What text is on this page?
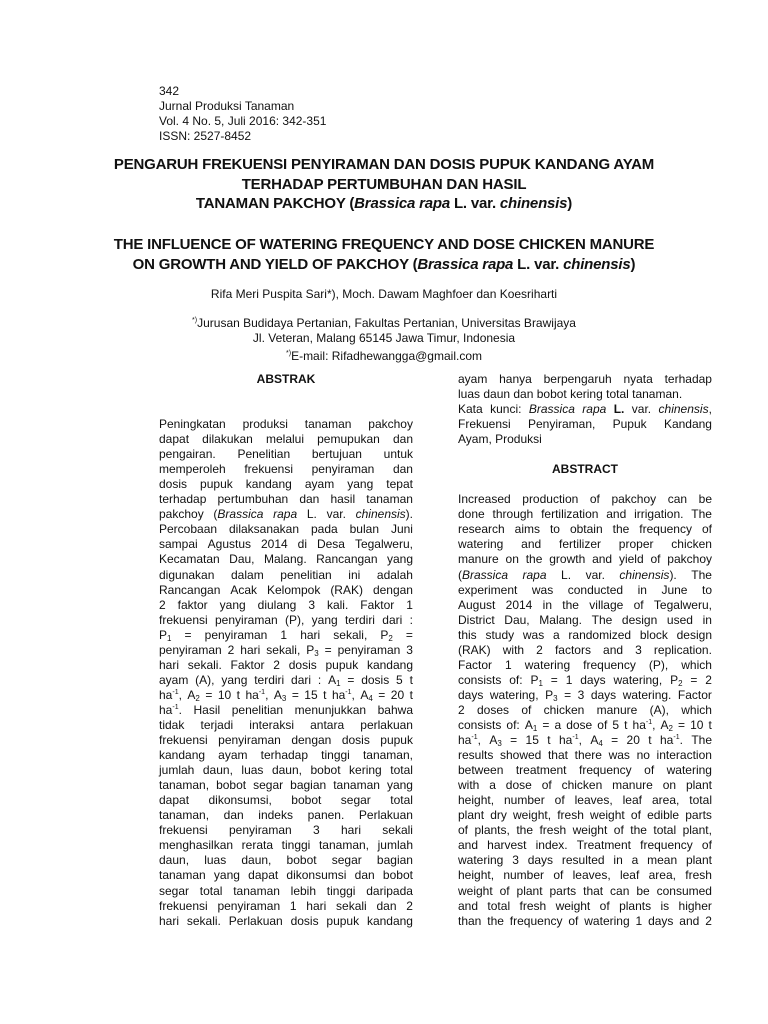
342
Jurnal Produksi Tanaman
Vol. 4 No. 5, Juli 2016: 342-351
ISSN: 2527-8452
PENGARUH FREKUENSI PENYIRAMAN DAN DOSIS PUPUK KANDANG AYAM
TERHADAP PERTUMBUHAN DAN HASIL
TANAMAN PAKCHOY (Brassica rapa L. var. chinensis)
THE INFLUENCE OF WATERING FREQUENCY AND DOSE CHICKEN MANURE
ON GROWTH AND YIELD OF PAKCHOY (Brassica rapa L. var. chinensis)
Rifa Meri Puspita Sari*), Moch. Dawam Maghfoer dan Koesriharti
*)Jurusan Budidaya Pertanian, Fakultas Pertanian, Universitas Brawijaya
Jl. Veteran, Malang 65145 Jawa Timur, Indonesia
*)E-mail: Rifadhewangga@gmail.com
ABSTRAK
Peningkatan produksi tanaman pakchoy
dapat dilakukan melalui pemupukan dan
pengairan. Penelitian bertujuan untuk
memperoleh frekuensi penyiraman dan
dosis pupuk kandang ayam yang tepat
terhadap pertumbuhan dan hasil tanaman
pakchoy (Brassica rapa L. var. chinensis).
Percobaan dilaksanakan pada bulan Juni
sampai Agustus 2014 di Desa Tegalweru,
Kecamatan Dau, Malang. Rancangan yang
digunakan dalam penelitian ini adalah
Rancangan Acak Kelompok (RAK) dengan
2 faktor yang diulang 3 kali. Faktor 1
frekuensi penyiraman (P), yang terdiri dari :
$P_1$ = penyiraman 1 hari sekali, $P_2$ =
penyiraman 2 hari sekali, $P_3$ = penyiraman 3
hari sekali. Faktor 2 dosis pupuk kandang
ayam (A), yang terdiri dari : $A_1$ = dosis 5 t
$ha^{-1}$, $A_2 = 10$ t $ha^{-1}$, $A_3 = 15$ t $ha^{-1}$, $A_4 = 20$ t
$ha^{-1}$. Hasil penelitian menunjukkan bahwa
tidak terjadi interaksi antara perlakuan
frekuensi penyiraman dengan dosis pupuk
kandang ayam terhadap tinggi tanaman,
jumlah daun, luas daun, bobot kering total
tanaman, bobot segar bagian tanaman yang
dapat dikonsumsi, bobot segar total
tanaman, dan indeks panen. Perlakuan
frekuensi penyiraman 3 hari sekali
menghasilkan rerata tinggi tanaman, jumlah
daun, luas daun, bobot segar bagian
tanaman yang dapat dikonsumsi dan bobot
segar total tanaman lebih tinggi daripada
frekuensi penyiraman 1 hari sekali dan 2
hari sekali. Perlakuan dosis pupuk kandang
ayam hanya berpengaruh nyata terhadap
luas daun dan bobot kering total tanaman.
Kata kunci: Brassica rapa L. var. chinensis,
Frekuensi Penyiraman, Pupuk Kandang
Ayam, Produksi
ABSTRACT
Increased production of pakchoy can be
done through fertilization and irrigation. The
research aims to obtain the frequency of
watering and fertilizer proper chicken
manure on the growth and yield of pakchoy
(Brassica rapa L. var. chinensis). The
experiment was conducted in June to
August 2014 in the village of Tegalweru,
District Dau, Malang. The design used in
this study was a randomized block design
(RAK) with 2 factors and 3 replication.
Factor 1 watering frequency (P), which
consists of: $P_1 = 1$ days watering, $P_2 = 2$
days watering, $P_3 = 3$ days watering. Factor
2 doses of chicken manure (A), which
consists of: $A_1 = a$ dose of 5 t $ha^{-1}$, $A_2 = 10$ t
$ha^{-1}$, $A_3 = 15$ t $ha^{-1}$, $A_4 = 20$ t $ha^{-1}$. The
results showed that there was no interaction
between treatment frequency of watering
with a dose of chicken manure on plant
height, number of leaves, leaf area, total
plant dry weight, fresh weight of edible parts
of plants, the fresh weight of the total plant,
and harvest index. Treatment frequency of
watering 3 days resulted in a mean plant
height, number of leaves, leaf area, fresh
weight of plant parts that can be consumed
and total fresh weight of plants is higher
than the frequency of watering 1 days and 2
